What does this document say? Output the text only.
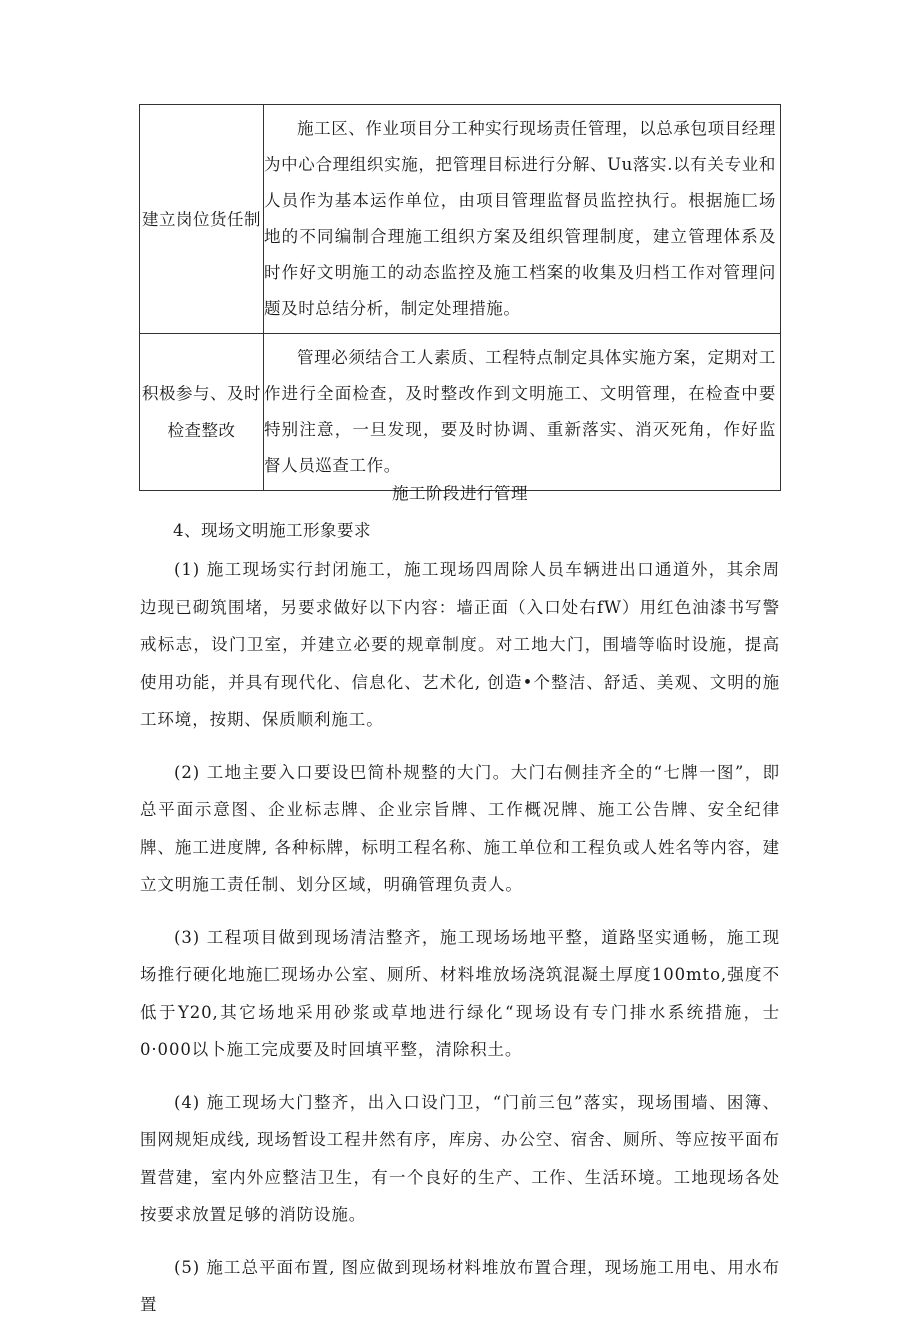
建立岗位货任制	施工区、作业项目分工种实行现场责任管理，以总承包项目经理为中心合理组织实施，把管理目标进行分解、Uu落实.以有关专业和人员作为基本运作单位，由项目管理监督员监控执行。根据施匚场地的不同编制合理施工组织方案及组织管理制度，建立管理体系及时作好文明施工的动态监控及施工档案的收集及归档工作对管理问题及时总结分析，制定处理措施。

积极参与、及时
检查整改	管理必须结合工人素质、工程特点制定具体实施方案，定期对工作进行全面检查，及时整改作到文明施工、文明管理，在检查中要特别注意，一旦发现，要及时协调、重新落实、消灭死角，作好监督人员巡查工作。

施工阶段进行管理
4、现场文明施工形象要求
(1) 施工现场实行封闭施工，施工现场四周除人员车辆进出口通道外，其余周边现已砌筑围堵，另要求做好以下内容：墙正面（入口处右fW）用红色油漆书写警戒标志，设门卫室，并建立必要的规章制度。对工地大门，围墙等临时设施，提高使用功能，并具有现代化、信息化、艺术化, 创造•个整洁、舒适、美观、文明的施工环境，按期、保质顺利施工。
(2) 工地主要入口要设巴简朴规整的大门。大门右侧挂齐全的“七牌一图”，即总平面示意图、企业标志牌、企业宗旨牌、工作概况牌、施工公告牌、安全纪律牌、施工进度牌, 各种标牌，标明工程名称、施工单位和工程负或人姓名等内容，建立文明施工责任制、划分区域，明确管理负责人。
(3) 工程项目做到现场清洁整齐，施工现场场地平整，道路坚实通畅，施工现场推行硬化地施匚现场办公室、厕所、材料堆放场浇筑混凝土厚度100mto,强度不低于Y20,其它场地采用砂浆或草地进行绿化“现场设有专门排水系统措施，士0·000以卜施工完成要及时回填平整，清除积土。
(4) 施工现场大门整齐，出入口设门卫，“门前三包”落实，现场围墙、困簿、围网规矩成线, 现场暂设工程井然有序，库房、办公空、宿舍、厕所、等应按平面布置营建，室内外应整洁卫生，有一个良好的生产、工作、生活环境。工地现场各处按要求放置足够的消防设施。
(5) 施工总平面布置, 图应做到现场材料堆放布置合理，现场施工用电、用水布置
